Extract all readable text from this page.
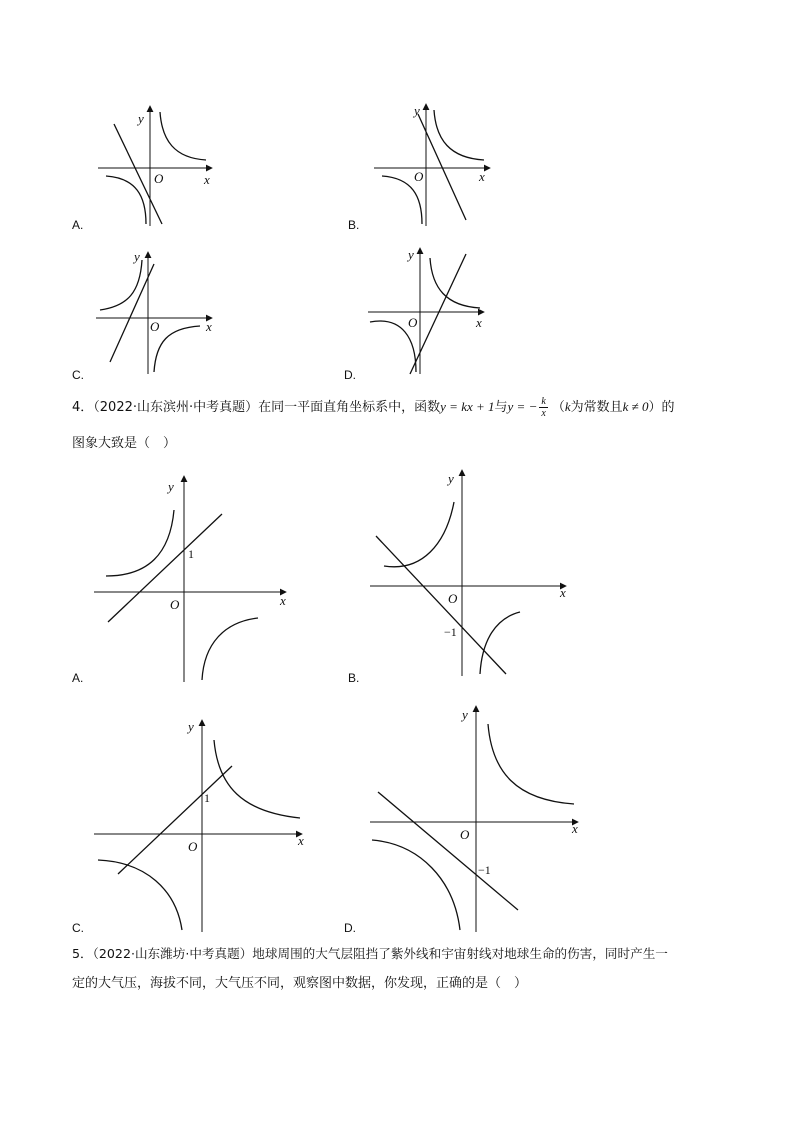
y
x
O
A.
y
x
O
B.
y
x
O
C.
y
x
O
D.
4．（2022·山东滨州·中考真题）在同一平面直角坐标系中，函数y = kx + 1与y = − $\frac{k}{x} (k$为常数且k ≠ 0）的
图象大致是（　）
y
x
O
1
A.
y
x
O
−1
B.
y
x
O
1
C.
y
x
O
−1
D.
5．（2022·山东潍坊·中考真题）地球周围的大气层阻挡了紫外线和宇宙射线对地球生命的伤害，同时产生一
定的大气压，海拔不同，大气压不同，观察图中数据，你发现，正确的是（　）
